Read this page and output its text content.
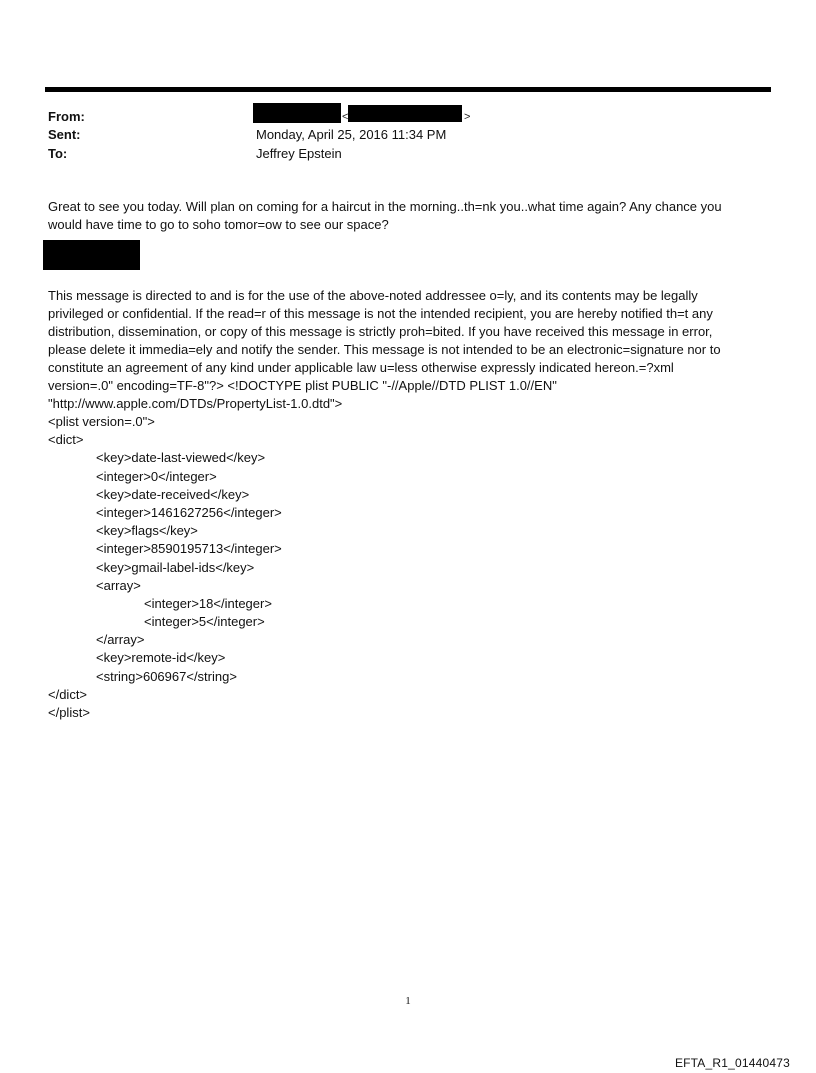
From:
Sent:
To:
<	>
Monday, April 25, 2016 11:34 PM
Jeffrey Epstein
Great to see you today. Will plan on coming for a haircut in the morning..th=nk you..what time again? Any chance you
would have time to go to soho tomor=ow to see our space?
This message is directed to and is for the use of the above-noted addressee o=ly, and its contents may be legally
privileged or confidential. If the read=r of this message is not the intended recipient, you are hereby notified th=t any
distribution, dissemination, or copy of this message is strictly proh=bited. If you have received this message in error,
please delete it immedia=ely and notify the sender. This message is not intended to be an electronic=signature nor to
constitute an agreement of any kind under applicable law u=less otherwise expressly indicated hereon.=?xml
version=.0" encoding=TF-8"?> <!DOCTYPE plist PUBLIC "-//Apple//DTD PLIST 1.0//EN"
"http://www.apple.com/DTDs/PropertyList-1.0.dtd">
<plist version=.0">
<dict>
<key>date-last-viewed</key>
<integer>0</integer>
<key>date-received</key>
<integer>1461627256</integer>
<key>flags</key>
<integer>8590195713</integer>
<key>gmail-label-ids</key>
<array>
<integer>18</integer>
<integer>5</integer>
</array>
<key>remote-id</key>
<string>606967</string>
</dict>
</plist>
1
EFTA_R1_01440473
